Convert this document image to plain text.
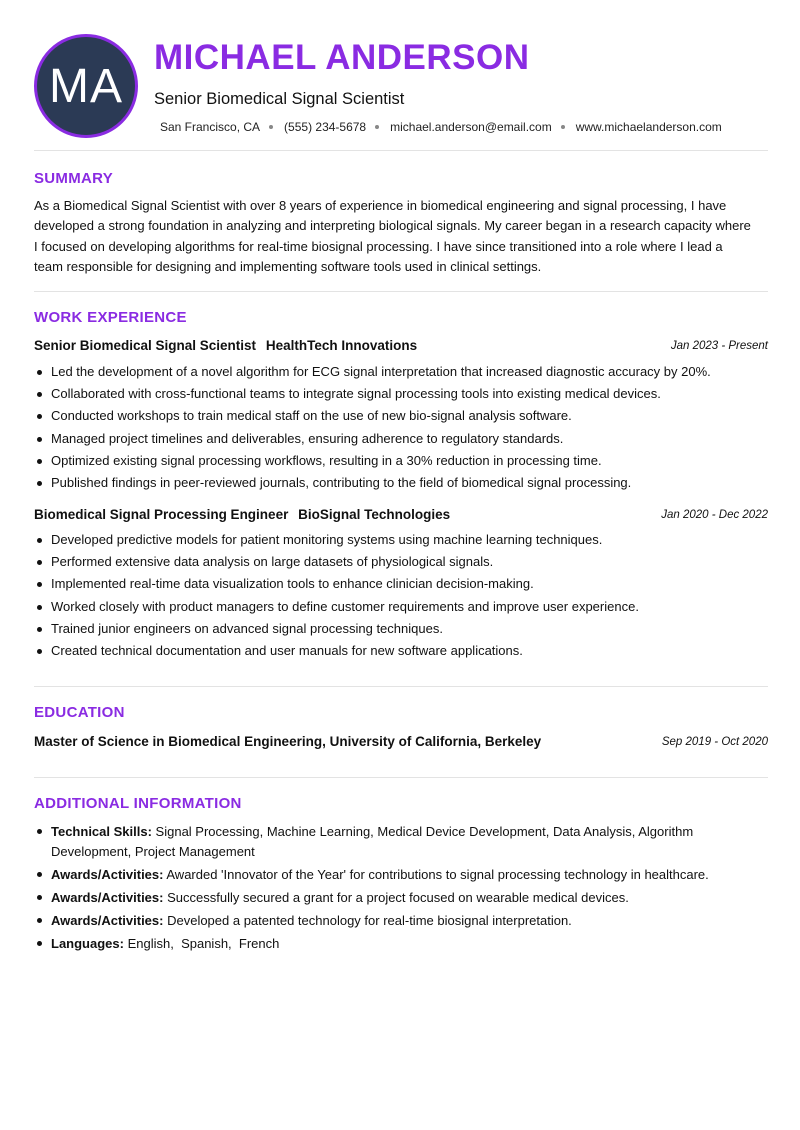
MA
MICHAEL ANDERSON
Senior Biomedical Signal Scientist
San Francisco, CA (555) 234-5678 michael.anderson@email.com www.michaelanderson.com
SUMMARY
As a Biomedical Signal Scientist with over 8 years of experience in biomedical engineering and signal processing, I have developed a strong foundation in analyzing and interpreting biological signals. My career began in a research capacity where I focused on developing algorithms for real-time biosignal processing. I have since transitioned into a role where I lead a team responsible for designing and implementing software tools used in clinical settings.
WORK EXPERIENCE
Senior Biomedical Signal Scientist HealthTech Innovations	Jan 2023 - Present
Led the development of a novel algorithm for ECG signal interpretation that increased diagnostic accuracy by 20%.
Collaborated with cross-functional teams to integrate signal processing tools into existing medical devices.
Conducted workshops to train medical staff on the use of new bio-signal analysis software.
Managed project timelines and deliverables, ensuring adherence to regulatory standards.
Optimized existing signal processing workflows, resulting in a 30% reduction in processing time.
Published findings in peer-reviewed journals, contributing to the field of biomedical signal processing.
Biomedical Signal Processing Engineer BioSignal Technologies	Jan 2020 - Dec 2022
Developed predictive models for patient monitoring systems using machine learning techniques.
Performed extensive data analysis on large datasets of physiological signals.
Implemented real-time data visualization tools to enhance clinician decision-making.
Worked closely with product managers to define customer requirements and improve user experience.
Trained junior engineers on advanced signal processing techniques.
Created technical documentation and user manuals for new software applications.
EDUCATION
Master of Science in Biomedical Engineering, University of California, Berkeley	Sep 2019 - Oct 2020
ADDITIONAL INFORMATION
Technical Skills: Signal Processing, Machine Learning, Medical Device Development, Data Analysis, Algorithm Development, Project Management
Awards/Activities: Awarded 'Innovator of the Year' for contributions to signal processing technology in healthcare.
Awards/Activities: Successfully secured a grant for a project focused on wearable medical devices.
Awards/Activities: Developed a patented technology for real-time biosignal interpretation.
Languages: English,  Spanish,  French
